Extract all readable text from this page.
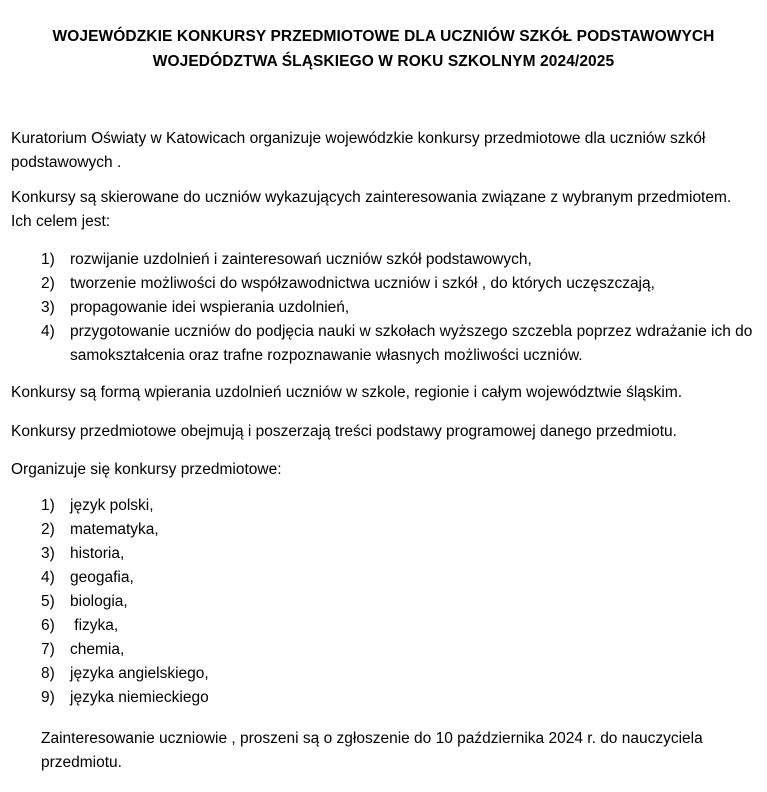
WOJEWÓDZKIE KONKURSY PRZEDMIOTOWE DLA UCZNIÓW SZKÓŁ PODSTAWOWYCH
WOJEDÓDZTWA ŚLĄSKIEGO W ROKU SZKOLNYM 2024/2025
Kuratorium Oświaty w Katowicach organizuje wojewódzkie konkursy przedmiotowe dla uczniów szkół podstawowych .
Konkursy są skierowane do uczniów wykazujących zainteresowania związane z wybranym przedmiotem. Ich celem jest:
1) rozwijanie uzdolnień i zainteresowań uczniów szkół podstawowych,
2) tworzenie możliwości do współzawodnictwa uczniów i szkół , do których uczęszczają,
3) propagowanie idei wspierania uzdolnień,
4) przygotowanie uczniów do podjęcia nauki w szkołach wyższego szczebla poprzez wdrażanie ich do samokształcenia oraz trafne rozpoznawanie własnych możliwości uczniów.
Konkursy są formą wpierania uzdolnień uczniów w szkole, regionie i całym województwie śląskim.
Konkursy przedmiotowe obejmują i poszerzają treści podstawy programowej danego przedmiotu.
Organizuje się konkursy przedmiotowe:
1) język polski,
2) matematyka,
3) historia,
4) geogafia,
5) biologia,
6) fizyka,
7) chemia,
8) języka angielskiego,
9) języka niemieckiego
Zainteresowanie uczniowie , proszeni są o zgłoszenie do 10 października 2024 r. do nauczyciela przedmiotu.
